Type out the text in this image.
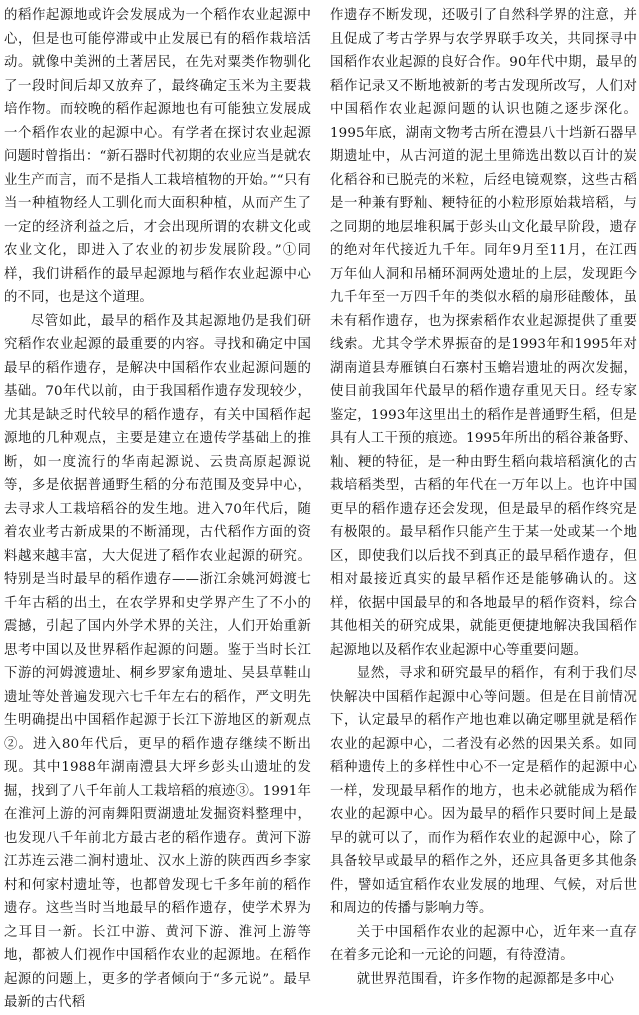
的稻作起源地或许会发展成为一个稻作农业起源中心，但是也可能停滞或中止发展已有的稻作栽培活动。就像中美洲的土著居民，在先对粟类作物驯化了一段时间后却又放弃了，最终确定玉米为主要栽培作物。而较晚的稻作起源地也有可能独立发展成一个稻作农业的起源中心。有学者在探讨农业起源问题时曾指出：“新石器时代初期的农业应当是就农业生产而言，而不是指人工栽培植物的开始。”“只有当一种植物经人工驯化而大面积种植，从而产生了一定的经济利益之后，才会出现所谓的农耕文化或农业文化，即进入了农业的初步发展阶段。”①同样，我们讲稻作的最早起源地与稻作农业起源中心的不同，也是这个道理。

尽管如此，最早的稻作及其起源地仍是我们研究稻作农业起源的最重要的内容。寻找和确定中国最早的稻作遗存，是解决中国稻作农业起源问题的基础。70年代以前，由于我国稻作遗存发现较少，尤其是缺乏时代较早的稻作遗存，有关中国稻作起源地的几种观点，主要是建立在遗传学基础上的推断，如一度流行的华南起源说、云贵高原起源说等，多是依据普通野生稻的分布范围及变异中心，去寻求人工栽培稻谷的发生地。进入70年代后，随着农业考古新成果的不断涌现，古代稻作方面的资料越来越丰富，大大促进了稻作农业起源的研究。特别是当时最早的稻作遗存——浙江余姚河姆渡七千年古稻的出土，在农学界和史学界产生了不小的震撼，引起了国内外学术界的关注，人们开始重新思考中国以及世界稻作起源的问题。鉴于当时长江下游的河姆渡遗址、桐乡罗家角遗址、吴县草鞋山遗址等处普遍发现六七千年左右的稻作，严文明先生明确提出中国稻作起源于长江下游地区的新观点②。进入80年代后，更早的稻作遗存继续不断出现。其中1988年湖南澧县大坪乡彭头山遗址的发掘，找到了八千年前人工栽培稻的痕迹③。1991年在淮河上游的河南舞阳贾湖遗址发掘资料整理中，也发现八千年前北方最古老的稻作遗存。黄河下游江苏连云港二涧村遗址、汉水上游的陕西西乡李家村和何家村遗址等，也都曾发现七千多年前的稻作遗存。这些当时当地最早的稻作遗存，使学术界为之耳目一新。长江中游、黄河下游、淮河上游等地，都被人们视作中国稻作农业的起源地。在稻作起源的问题上，更多的学者倾向于“多元说”。最早最新的古代稻

作遗存不断发现，还吸引了自然科学界的注意，并且促成了考古学界与农学界联手攻关，共同探寻中国稻作农业起源的良好合作。90年代中期，最早的稻作记录又不断地被新的考古发现所改写，人们对中国稻作农业起源问题的认识也随之逐步深化。1995年底，湖南文物考古所在澧县八十垱新石器早期遗址中，从古河道的泥土里筛选出数以百计的炭化稻谷和已脱壳的米粒，后经电镜观察，这些古稻是一种兼有野籼、粳特征的小粒形原始栽培稻，与之同期的地层堆积属于彭头山文化最早阶段，遗存的绝对年代接近九千年。同年9月至11月，在江西万年仙人洞和吊桶环洞两处遗址的上层，发现距今九千年至一万四千年的类似水稻的扇形硅酸体，虽未有稻作遗存，也为探索稻作农业起源提供了重要线索。尤其令学术界振奋的是1993年和1995年对湖南道县寿雁镇白石寨村玉蟾岩遗址的两次发掘，使目前我国年代最早的稻作遗存重见天日。经专家鉴定，1993年这里出土的稻作是普通野生稻，但是具有人工干预的痕迹。1995年所出的稻谷兼备野、籼、粳的特征，是一种由野生稻向栽培稻演化的古栽培稻类型，古稻的年代在一万年以上。也许中国更早的稻作遗存还会发现，但是最早的稻作终究是有极限的。最早稻作只能产生于某一处或某一个地区，即使我们以后找不到真正的最早稻作遗存，但相对最接近真实的最早稻作还是能够确认的。这样，依据中国最早的和各地最早的稻作资料，综合其他相关的研究成果，就能更便捷地解决我国稻作起源地以及稻作农业起源中心等重要问题。

显然，寻求和研究最早的稻作，有利于我们尽快解决中国稻作起源中心等问题。但是在目前情况下，认定最早的稻作产地也难以确定哪里就是稻作农业的起源中心，二者没有必然的因果关系。如同稻种遗传上的多样性中心不一定是稻作的起源中心一样，发现最早稻作的地方，也未必就能成为稻作农业的起源中心。因为最早的稻作只要时间上是最早的就可以了，而作为稻作农业的起源中心，除了具备较早或最早的稻作之外，还应具备更多其他条件，譬如适宜稻作农业发展的地理、气候，对后世和周边的传播与影响力等。

关于中国稻作农业的起源中心，近年来一直存在着多元论和一元论的问题，有待澄清。

就世界范围看，许多作物的起源都是多中心
